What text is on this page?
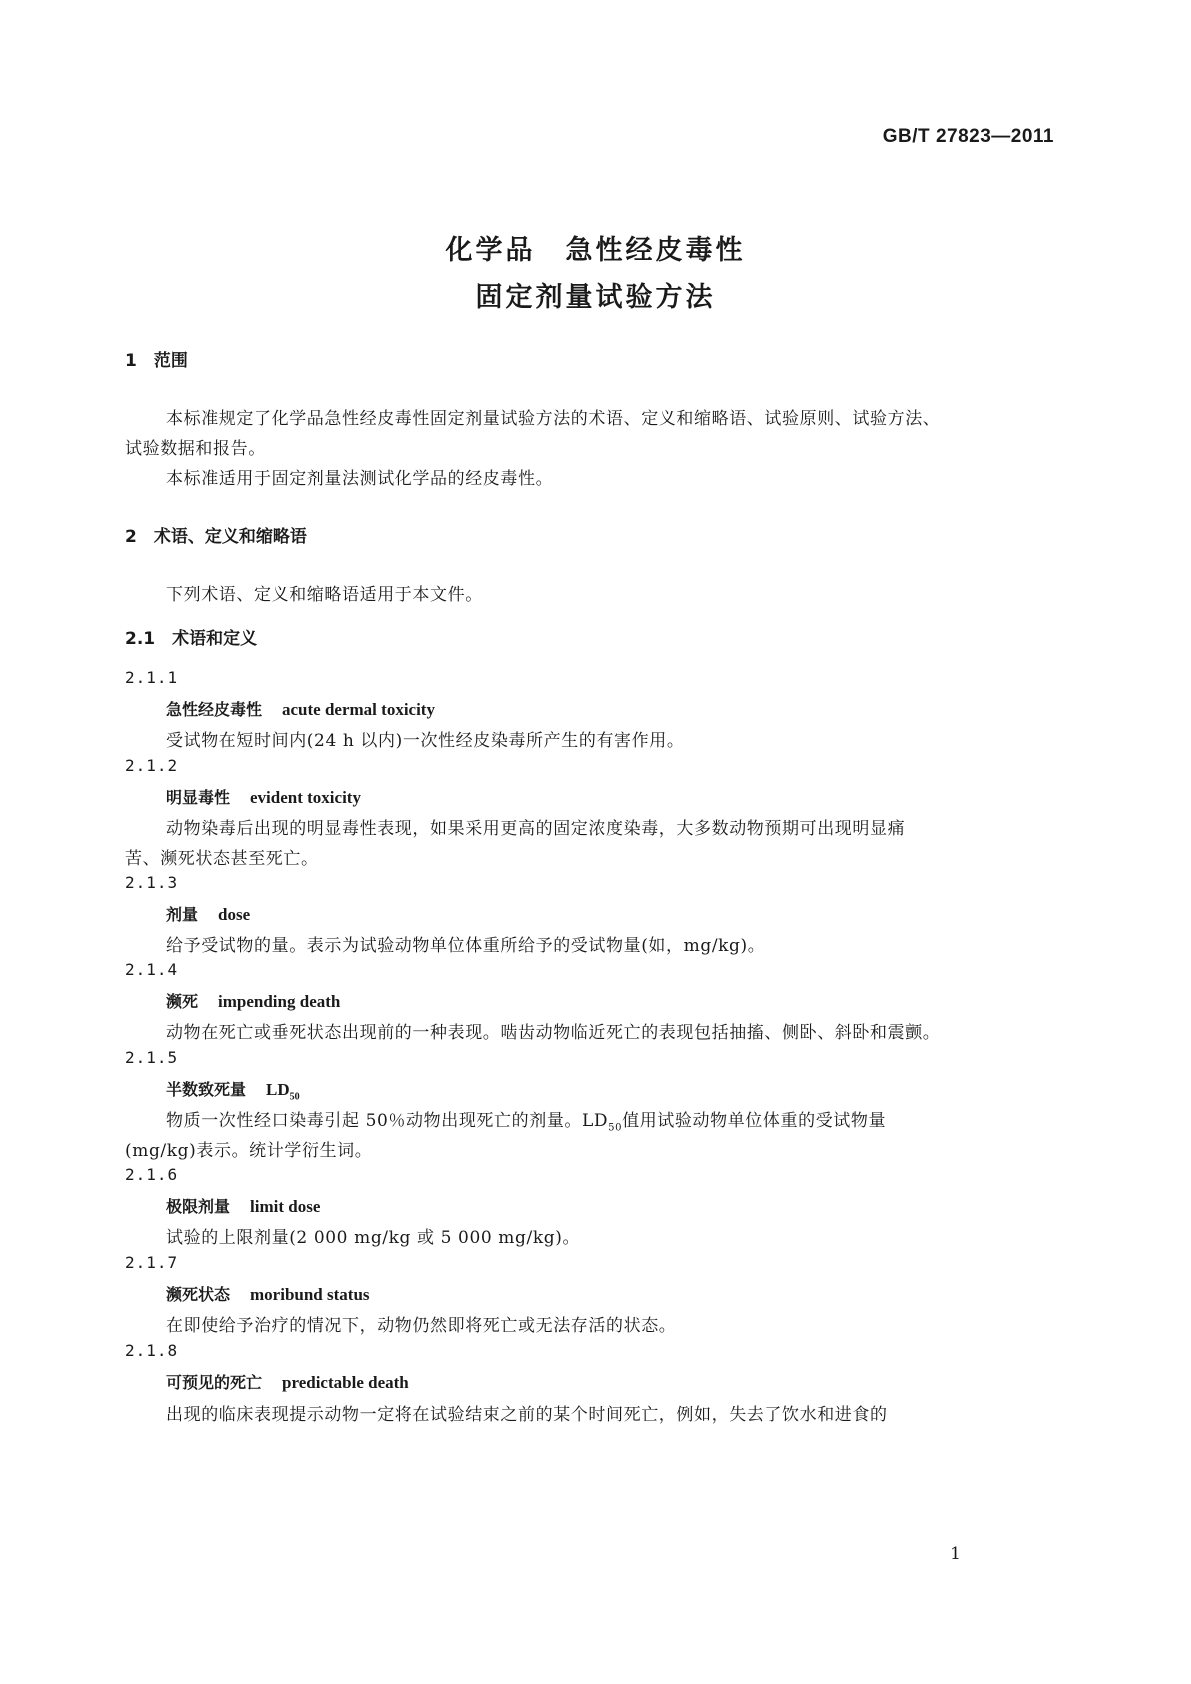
GB/T 27823—2011
化学品　急性经皮毒性
固定剂量试验方法
1　范围
本标准规定了化学品急性经皮毒性固定剂量试验方法的术语、定义和缩略语、试验原则、试验方法、
试验数据和报告。
本标准适用于固定剂量法测试化学品的经皮毒性。
2　术语、定义和缩略语
下列术语、定义和缩略语适用于本文件。
2.1　术语和定义
2.1.1
急性经皮毒性 acute dermal toxicity
受试物在短时间内(24 h 以内)一次性经皮染毒所产生的有害作用。
2.1.2
明显毒性 evident toxicity
动物染毒后出现的明显毒性表现，如果采用更高的固定浓度染毒，大多数动物预期可出现明显痛
苦、濒死状态甚至死亡。
2.1.3
剂量 dose
给予受试物的量。表示为试验动物单位体重所给予的受试物量(如，mg/kg)。
2.1.4
濒死 impending death
动物在死亡或垂死状态出现前的一种表现。啮齿动物临近死亡的表现包括抽搐、侧卧、斜卧和震颤。
2.1.5
半数致死量 $LD_{50}$
物质一次性经口染毒引起 50％动物出现死亡的剂量。$LD_{50}$值用试验动物单位体重的受试物量
(mg/kg)表示。统计学衍生词。
2.1.6
极限剂量 limit dose
试验的上限剂量(2 000 mg/kg 或 5 000 mg/kg)。
2.1.7
濒死状态 moribund status
在即使给予治疗的情况下，动物仍然即将死亡或无法存活的状态。
2.1.8
可预见的死亡 predictable death
出现的临床表现提示动物一定将在试验结束之前的某个时间死亡，例如，失去了饮水和进食的
1
